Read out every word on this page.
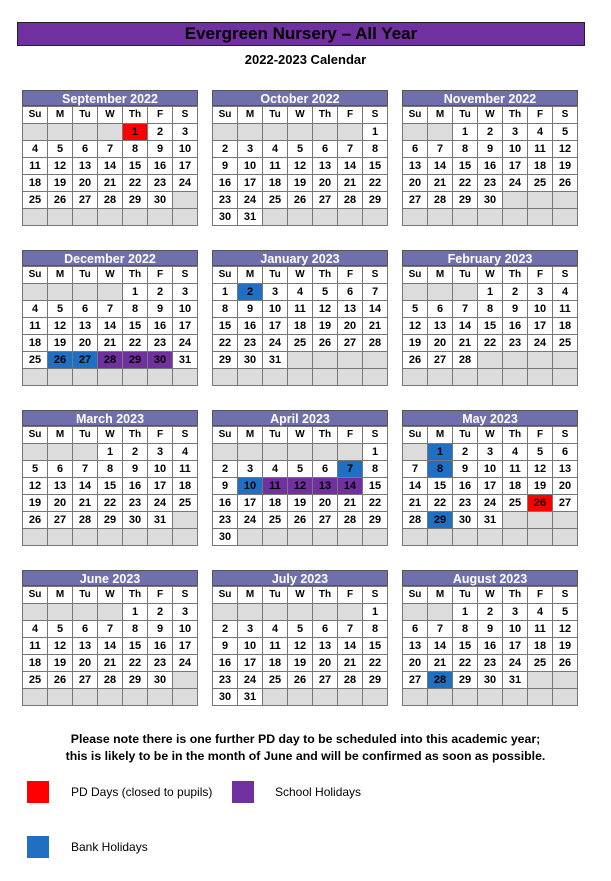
Evergreen Nursery – All Year
2022-2023 Calendar
September 2022
Su	M	Tu	W	Th	F	S
				1	2	3
4	5	6	7	8	9	10
11	12	13	14	15	16	17
18	19	20	21	22	23	24
25	26	27	28	29	30	

October 2022
Su	M	Tu	W	Th	F	S
						1
2	3	4	5	6	7	8
9	10	11	12	13	14	15
16	17	18	19	20	21	22
23	24	25	26	27	28	29
30	31					
November 2022
Su	M	Tu	W	Th	F	S
		1	2	3	4	5
6	7	8	9	10	11	12
13	14	15	16	17	18	19
20	21	22	23	24	25	26
27	28	29	30			

December 2022
Su	M	Tu	W	Th	F	S
				1	2	3
4	5	6	7	8	9	10
11	12	13	14	15	16	17
18	19	20	21	22	23	24
25	26	27	28	29	30	31

January 2023
Su	M	Tu	W	Th	F	S
1	2	3	4	5	6	7
8	9	10	11	12	13	14
15	16	17	18	19	20	21
22	23	24	25	26	27	28
29	30	31				

February 2023
Su	M	Tu	W	Th	F	S
			1	2	3	4
5	6	7	8	9	10	11
12	13	14	15	16	17	18
19	20	21	22	23	24	25
26	27	28				

March 2023
Su	M	Tu	W	Th	F	S
			1	2	3	4
5	6	7	8	9	10	11
12	13	14	15	16	17	18
19	20	21	22	23	24	25
26	27	28	29	30	31	

April 2023
Su	M	Tu	W	Th	F	S
						1
2	3	4	5	6	7	8
9	10	11	12	13	14	15
16	17	18	19	20	21	22
23	24	25	26	27	28	29
30						
May 2023
Su	M	Tu	W	Th	F	S
	1	2	3	4	5	6
7	8	9	10	11	12	13
14	15	16	17	18	19	20
21	22	23	24	25	26	27
28	29	30	31			

June 2023
Su	M	Tu	W	Th	F	S
				1	2	3
4	5	6	7	8	9	10
11	12	13	14	15	16	17
18	19	20	21	22	23	24
25	26	27	28	29	30	

July 2023
Su	M	Tu	W	Th	F	S
						1
2	3	4	5	6	7	8
9	10	11	12	13	14	15
16	17	18	19	20	21	22
23	24	25	26	27	28	29
30	31					
August 2023
Su	M	Tu	W	Th	F	S
		1	2	3	4	5
6	7	8	9	10	11	12
13	14	15	16	17	18	19
20	21	22	23	24	25	26
27	28	29	30	31		

Please note there is one further PD day to be scheduled into this academic year;
this is likely to be in the month of June and will be confirmed as soon as possible.
PD Days (closed to pupils)	School Holidays
Bank Holidays
